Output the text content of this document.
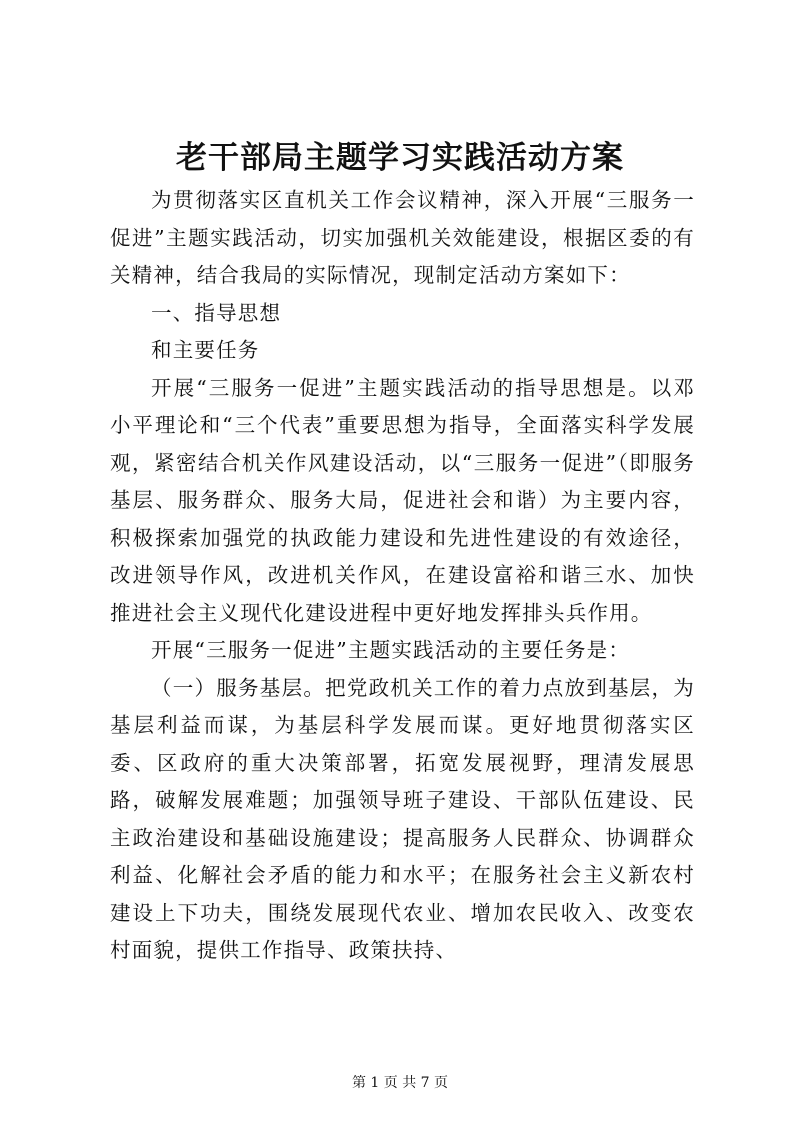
老干部局主题学习实践活动方案

为贯彻落实区直机关工作会议精神，深入开展“三服务一促进”主题实践活动，切实加强机关效能建设，根据区委的有关精神，结合我局的实际情况，现制定活动方案如下：

一、指导思想

和主要任务

开展“三服务一促进”主题实践活动的指导思想是。以邓小平理论和“三个代表”重要思想为指导，全面落实科学发展观，紧密结合机关作风建设活动，以“三服务一促进”（即服务基层、服务群众、服务大局，促进社会和谐）为主要内容，积极探索加强党的执政能力建设和先进性建设的有效途径，改进领导作风，改进机关作风，在建设富裕和谐三水、加快推进社会主义现代化建设进程中更好地发挥排头兵作用。

开展“三服务一促进”主题实践活动的主要任务是：

（一）服务基层。把党政机关工作的着力点放到基层，为基层利益而谋，为基层科学发展而谋。更好地贯彻落实区委、区政府的重大决策部署，拓宽发展视野，理清发展思路，破解发展难题；加强领导班子建设、干部队伍建设、民主政治建设和基础设施建设；提高服务人民群众、协调群众利益、化解社会矛盾的能力和水平；在服务社会主义新农村建设上下功夫，围绕发展现代农业、增加农民收入、改变农村面貌，提供工作指导、政策扶持、

第 1 页 共 7 页
